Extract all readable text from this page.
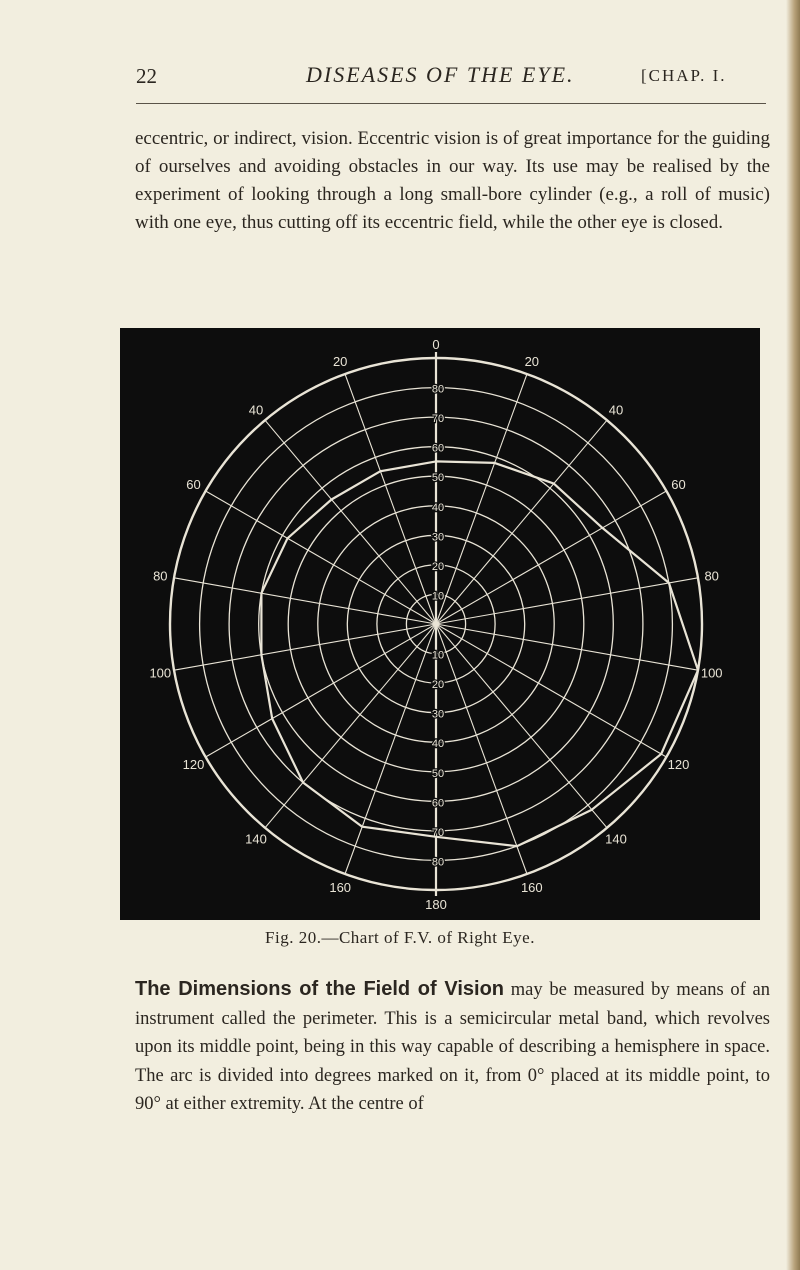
22	DISEASES OF THE EYE.	[CHAP. I.

eccentric, or indirect, vision. Eccentric vision is of great importance for the guiding of ourselves and avoiding obstacles in our way. Its use may be realised by the experiment of looking through a long small-bore cylinder (e.g., a roll of music) with one eye, thus cutting off its eccentric field, while the other eye is closed.

0
20
40
60
80
100
120
140
160
180
160
140
120
100
80
60
40
20
10
10
20
20
30
30
40
40
50
50
60
60
70
70
80
80
Fig. 20.—Chart of F.V. of Right Eye.

The Dimensions of the Field of Vision may be measured by means of an instrument called the perimeter. This is a semicircular metal band, which revolves upon its middle point, being in this way capable of describing a hemisphere in space. The arc is divided into degrees marked on it, from 0° placed at its middle point, to 90° at either extremity. At the centre of
